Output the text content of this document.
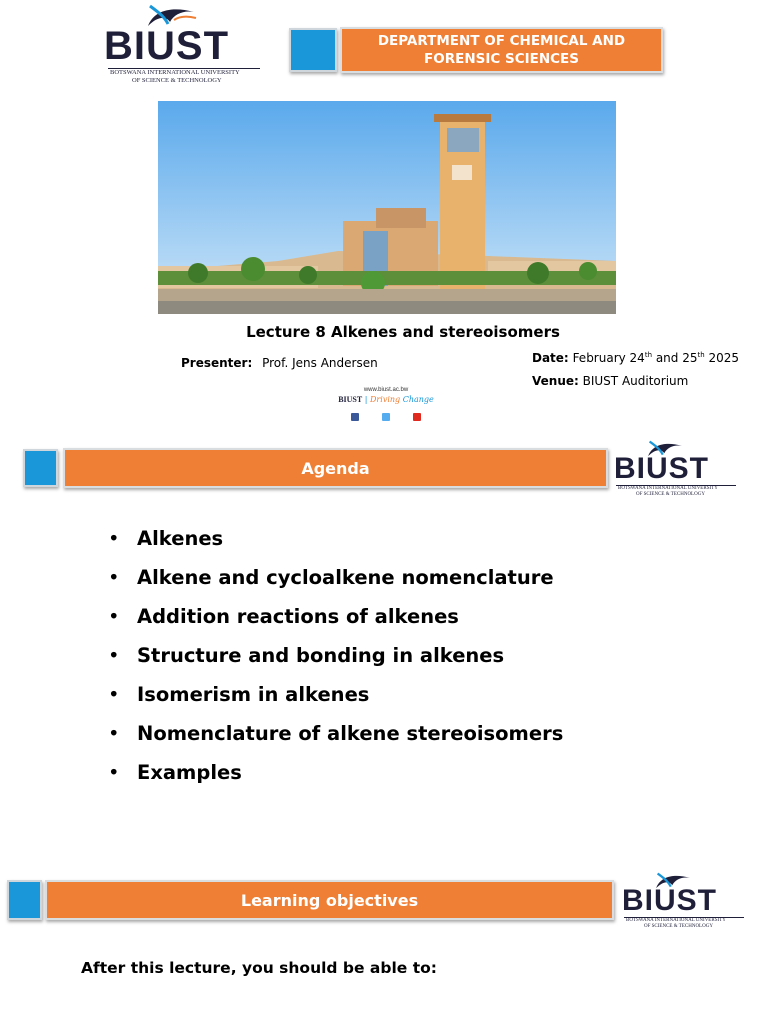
BIUST
BOTSWANA INTERNATIONAL UNIVERSITY
OF SCIENCE & TECHNOLOGY
DEPARTMENT OF CHEMICAL AND
FORENSIC SCIENCES
Lecture 8 Alkenes and stereoisomers
Presenter: Prof. Jens Andersen	Date: February 24th and 25th 2025
Venue: BIUST Auditorium
www.biust.ac.bw
BIUST | Driving Change

Agenda	BIUST
BOTSWANA INTERNATIONAL UNIVERSITY
OF SCIENCE & TECHNOLOGY
• Alkenes
• Alkene and cycloalkene nomenclature
• Addition reactions of alkenes
• Structure and bonding in alkenes
• Isomerism in alkenes
• Nomenclature of alkene stereoisomers
• Examples
Learning objectives	BIUST
BOTSWANA INTERNATIONAL UNIVERSITY
OF SCIENCE & TECHNOLOGY
After this lecture, you should be able to:
